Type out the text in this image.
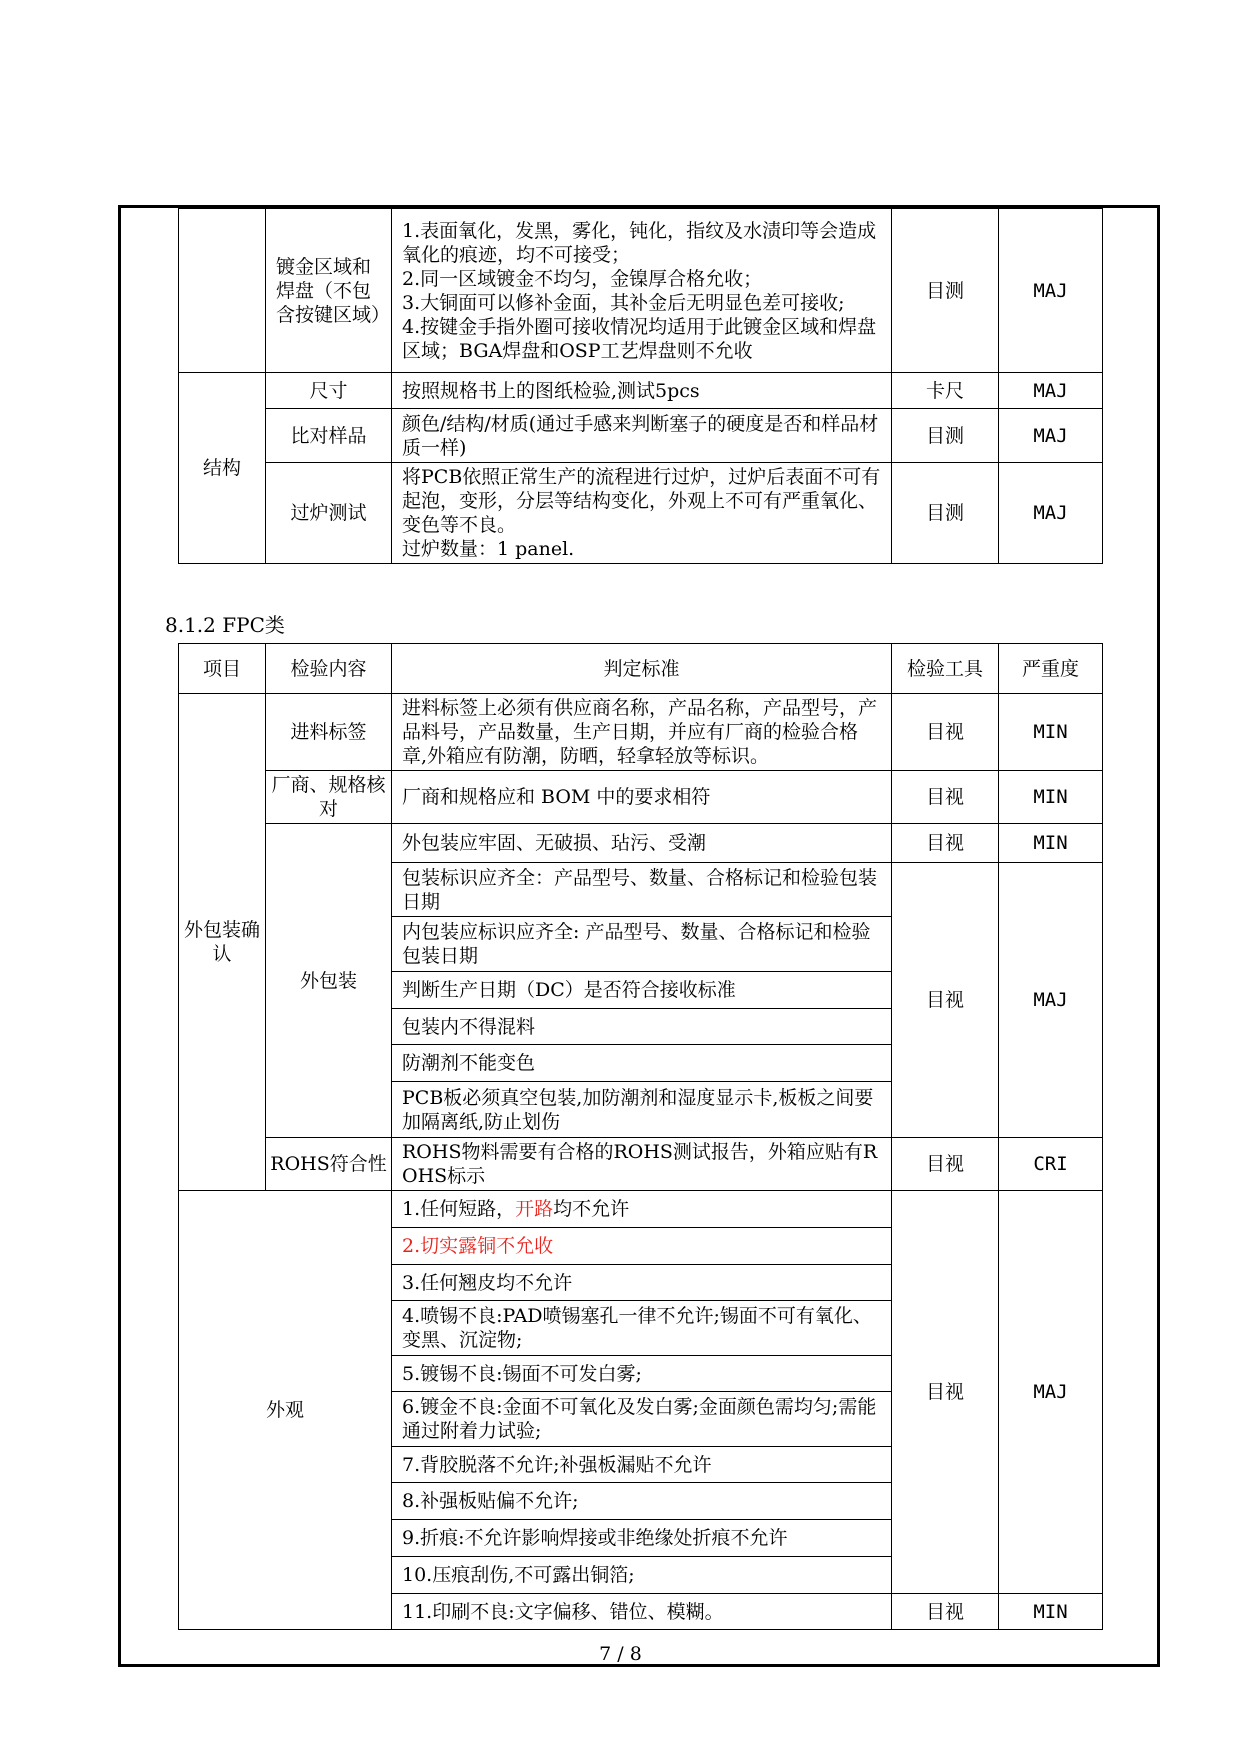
	镀金区域和焊盘（不包含按键区域）	1.表面氧化，发黑，雾化，钝化，指纹及水渍印等会造成氧化的痕迹，均不可接受；
2.同一区域镀金不均匀，金镍厚合格允收；
3.大铜面可以修补金面，其补金后无明显色差可接收;
4.按键金手指外圈可接收情况均适用于此镀金区域和焊盘区域；BGA焊盘和OSP工艺焊盘则不允收	目测	MAJ
结构	尺寸	按照规格书上的图纸检验,测试5pcs	卡尺	MAJ
	比对样品	颜色/结构/材质(通过手感来判断塞子的硬度是否和样品材质一样)	目测	MAJ
	过炉测试	将PCB依照正常生产的流程进行过炉，过炉后表面不可有起泡，变形，分层等结构变化，外观上不可有严重氧化、变色等不良。
过炉数量：1 panel.	目测	MAJ
8.1.2 FPC类
项目	检验内容	判定标准	检验工具	严重度
外包装确认	进料标签	进料标签上必须有供应商名称，产品名称，产品型号，产品料号，产品数量，生产日期，并应有厂商的检验合格章,外箱应有防潮，防晒，轻拿轻放等标识。	目视	MIN
	厂商、规格核对	厂商和规格应和 BOM 中的要求相符	目视	MIN
	外包装	外包装应牢固、无破损、玷污、受潮	目视	MIN
		包装标识应齐全：产品型号、数量、合格标记和检验包装日期	目视	MAJ
		内包装应标识应齐全: 产品型号、数量、合格标记和检验包装日期		
		判断生产日期（DC）是否符合接收标准		
		包装内不得混料		
		防潮剂不能变色		
		PCB板必须真空包装,加防潮剂和湿度显示卡,板板之间要加隔离纸,防止划伤		
	ROHS符合性	ROHS物料需要有合格的ROHS测试报告，外箱应贴有ROHS标示	目视	CRI
外观		1.任何短路，开路均不允许	目视	MAJ
		2.切实露铜不允收		
		3.任何翘皮均不允许		
		4.喷锡不良:PAD喷锡塞孔一律不允许;锡面不可有氧化、变黑、沉淀物;		
		5.镀锡不良:锡面不可发白雾;		
		6.镀金不良:金面不可氧化及发白雾;金面颜色需均匀;需能通过附着力试验;		
		7.背胶脱落不允许;补强板漏贴不允许		
		8.补强板贴偏不允许;		
		9.折痕:不允许影响焊接或非绝缘处折痕不允许		
		10.压痕刮伤,不可露出铜箔;		
		11.印刷不良:文字偏移、错位、模糊。	目视	MIN
7 / 8
